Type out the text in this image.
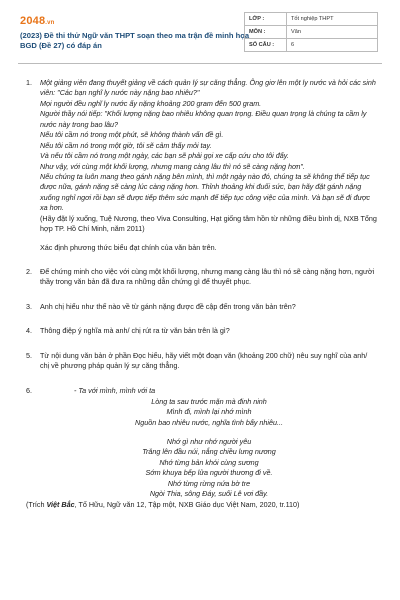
2048.vn
(2023) Đề thi thử Ngữ văn THPT soạn theo ma trận đề minh họa BGD (Đề 27) có đáp án
LỚP :	Tốt nghiệp THPT
MÔN :	Văn
SỐ CÂU :	6
1. Một giảng viên đang thuyết giảng về cách quản lý sự căng thẳng. Ông giơ lên một ly nước và hỏi các sinh viên: "Các bạn nghĩ ly nước này nặng bao nhiêu?"

Mọi người đều nghĩ ly nước ấy nặng khoảng 200 gram đến 500 gram.

Người thầy nói tiếp: "Khối lượng nặng bao nhiêu không quan trọng. Điều quan trọng là chúng ta cầm ly nước này trong bao lâu?

Nếu tôi cầm nó trong một phút, sẽ không thành vấn đề gì.

Nếu tôi cầm nó trong một giờ, tôi sẽ cảm thấy mỏi tay.

Và nếu tôi cầm nó trong một ngày, các bạn sẽ phải gọi xe cấp cứu cho tôi đấy.

Như vậy, với cùng một khối lượng, nhưng mang càng lâu thì nó sẽ càng nặng hơn".

Nếu chúng ta luôn mang theo gánh nặng bên mình, thì một ngày nào đó, chúng ta sẽ không thể tiếp tục được nữa, gánh nặng sẽ càng lúc càng nặng hơn. Thỉnh thoảng khi đuối sức, bạn hãy đặt gánh nặng xuống nghỉ ngơi rồi bạn sẽ được tiếp thêm sức mạnh để tiếp tục công việc của mình. Và bạn sẽ đi được xa hơn.

(Hãy đặt lý xuống, Tuệ Nương, theo Viva Consulting, Hạt giống tâm hồn từ những điều bình dị, NXB Tổng hợp TP. Hồ Chí Minh, năm 2011)

Xác định phương thức biểu đạt chính của văn bản trên.

2. Để chứng minh cho việc với cùng một khối lượng, nhưng mang càng lâu thì nó sẽ càng nặng hơn, người thầy trong văn bản đã đưa ra những dẫn chứng gì để thuyết phục.

3. Anh chị hiểu như thế nào về từ gánh nặng được đề cập đến trong văn bản trên?

4. Thông điệp ý nghĩa mà anh/ chị rút ra từ văn bản trên là gì?

5. Từ nội dung văn bản ở phần Đọc hiểu, hãy viết một đoạn văn (khoảng 200 chữ) nêu suy nghĩ của anh/ chị về phương pháp quản lý sự căng thẳng.

6.	- Ta với mình, mình với ta
Lòng ta sau trước mặn mà đinh ninh
Mình đi, mình lại nhớ mình
Nguồn bao nhiêu nước, nghĩa tình bấy nhiêu...
Nhớ gì như nhớ người yêu
Trăng lên đầu núi, nắng chiều lưng nương
Nhớ từng bản khói cùng sương
Sớm khuya bếp lửa người thương đi về.
Nhớ từng rừng nứa bờ tre
Ngòi Thia, sông Đáy, suối Lê vơi đầy.

(Trích Việt Bắc, Tố Hữu, Ngữ văn 12, Tập một, NXB Giáo dục Việt Nam, 2020, tr.110)
